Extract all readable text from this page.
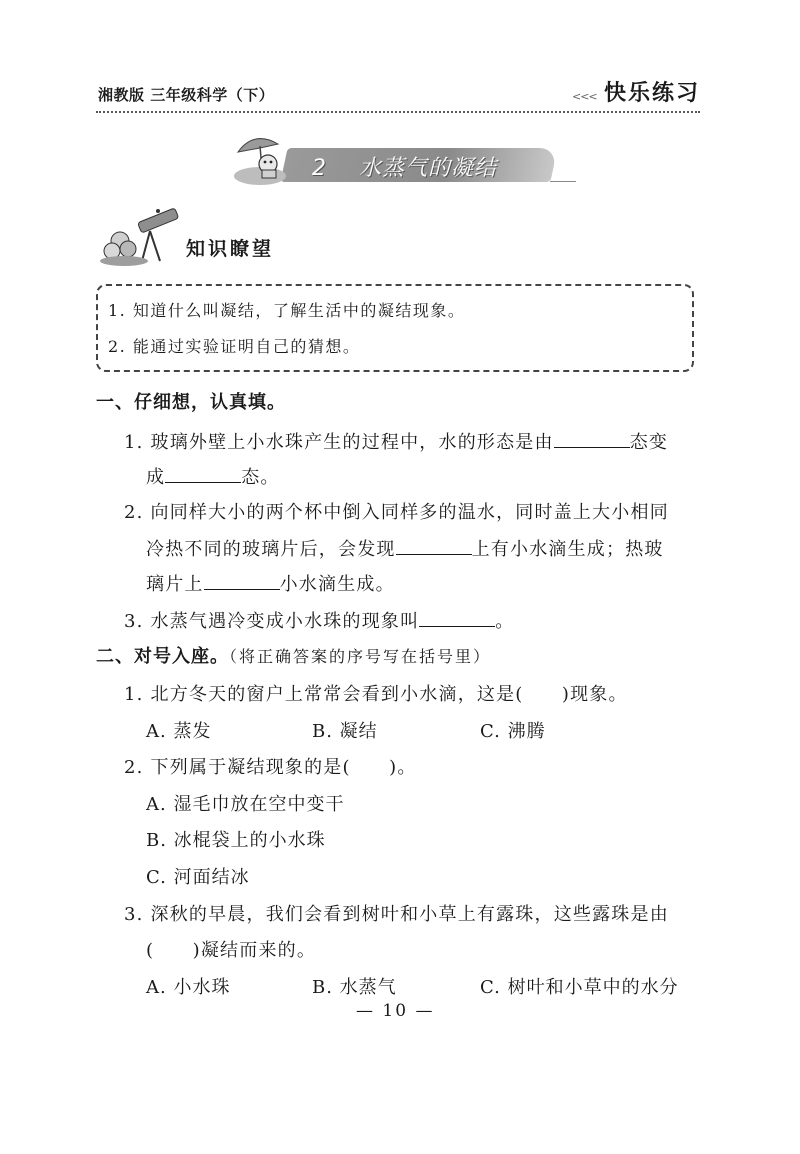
湘教版 三年级科学（下）	<<< 快乐练习
2 水蒸气的凝结
知识瞭望
1. 知道什么叫凝结，了解生活中的凝结现象。
2. 能通过实验证明自己的猜想。
一、仔细想，认真填。
1. 玻璃外壁上小水珠产生的过程中，水的形态是由	态变
成	态。
2. 向同样大小的两个杯中倒入同样多的温水，同时盖上大小相同
冷热不同的玻璃片后，会发现	上有小水滴生成；热玻
璃片上	小水滴生成。
3. 水蒸气遇冷变成小水珠的现象叫	。
二、对号入座。（将正确答案的序号写在括号里）
1. 北方冬天的窗户上常常会看到小水滴，这是(　　)现象。
A. 蒸发	B. 凝结	C. 沸腾
2. 下列属于凝结现象的是(　　)。
A. 湿毛巾放在空中变干
B. 冰棍袋上的小水珠
C. 河面结冰
3. 深秋的早晨，我们会看到树叶和小草上有露珠，这些露珠是由
(　　)凝结而来的。
A. 小水珠	B. 水蒸气	C. 树叶和小草中的水分
— 10 —
